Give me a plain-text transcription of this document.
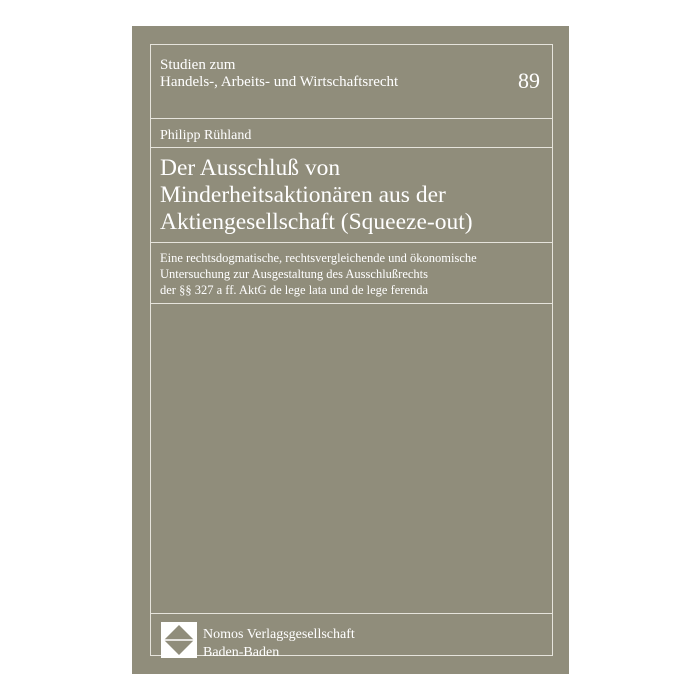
Studien zum
Handels-, Arbeits- und Wirtschaftsrecht	89
Philipp Rühland
Der Ausschluß von
Minderheitsaktionären aus der
Aktiengesellschaft (Squeeze-out)
Eine rechtsdogmatische, rechtsvergleichende und ökonomische
Untersuchung zur Ausgestaltung des Ausschlußrechts
der §§ 327 a ff. AktG de lege lata und de lege ferenda
Nomos Verlagsgesellschaft
Baden-Baden
